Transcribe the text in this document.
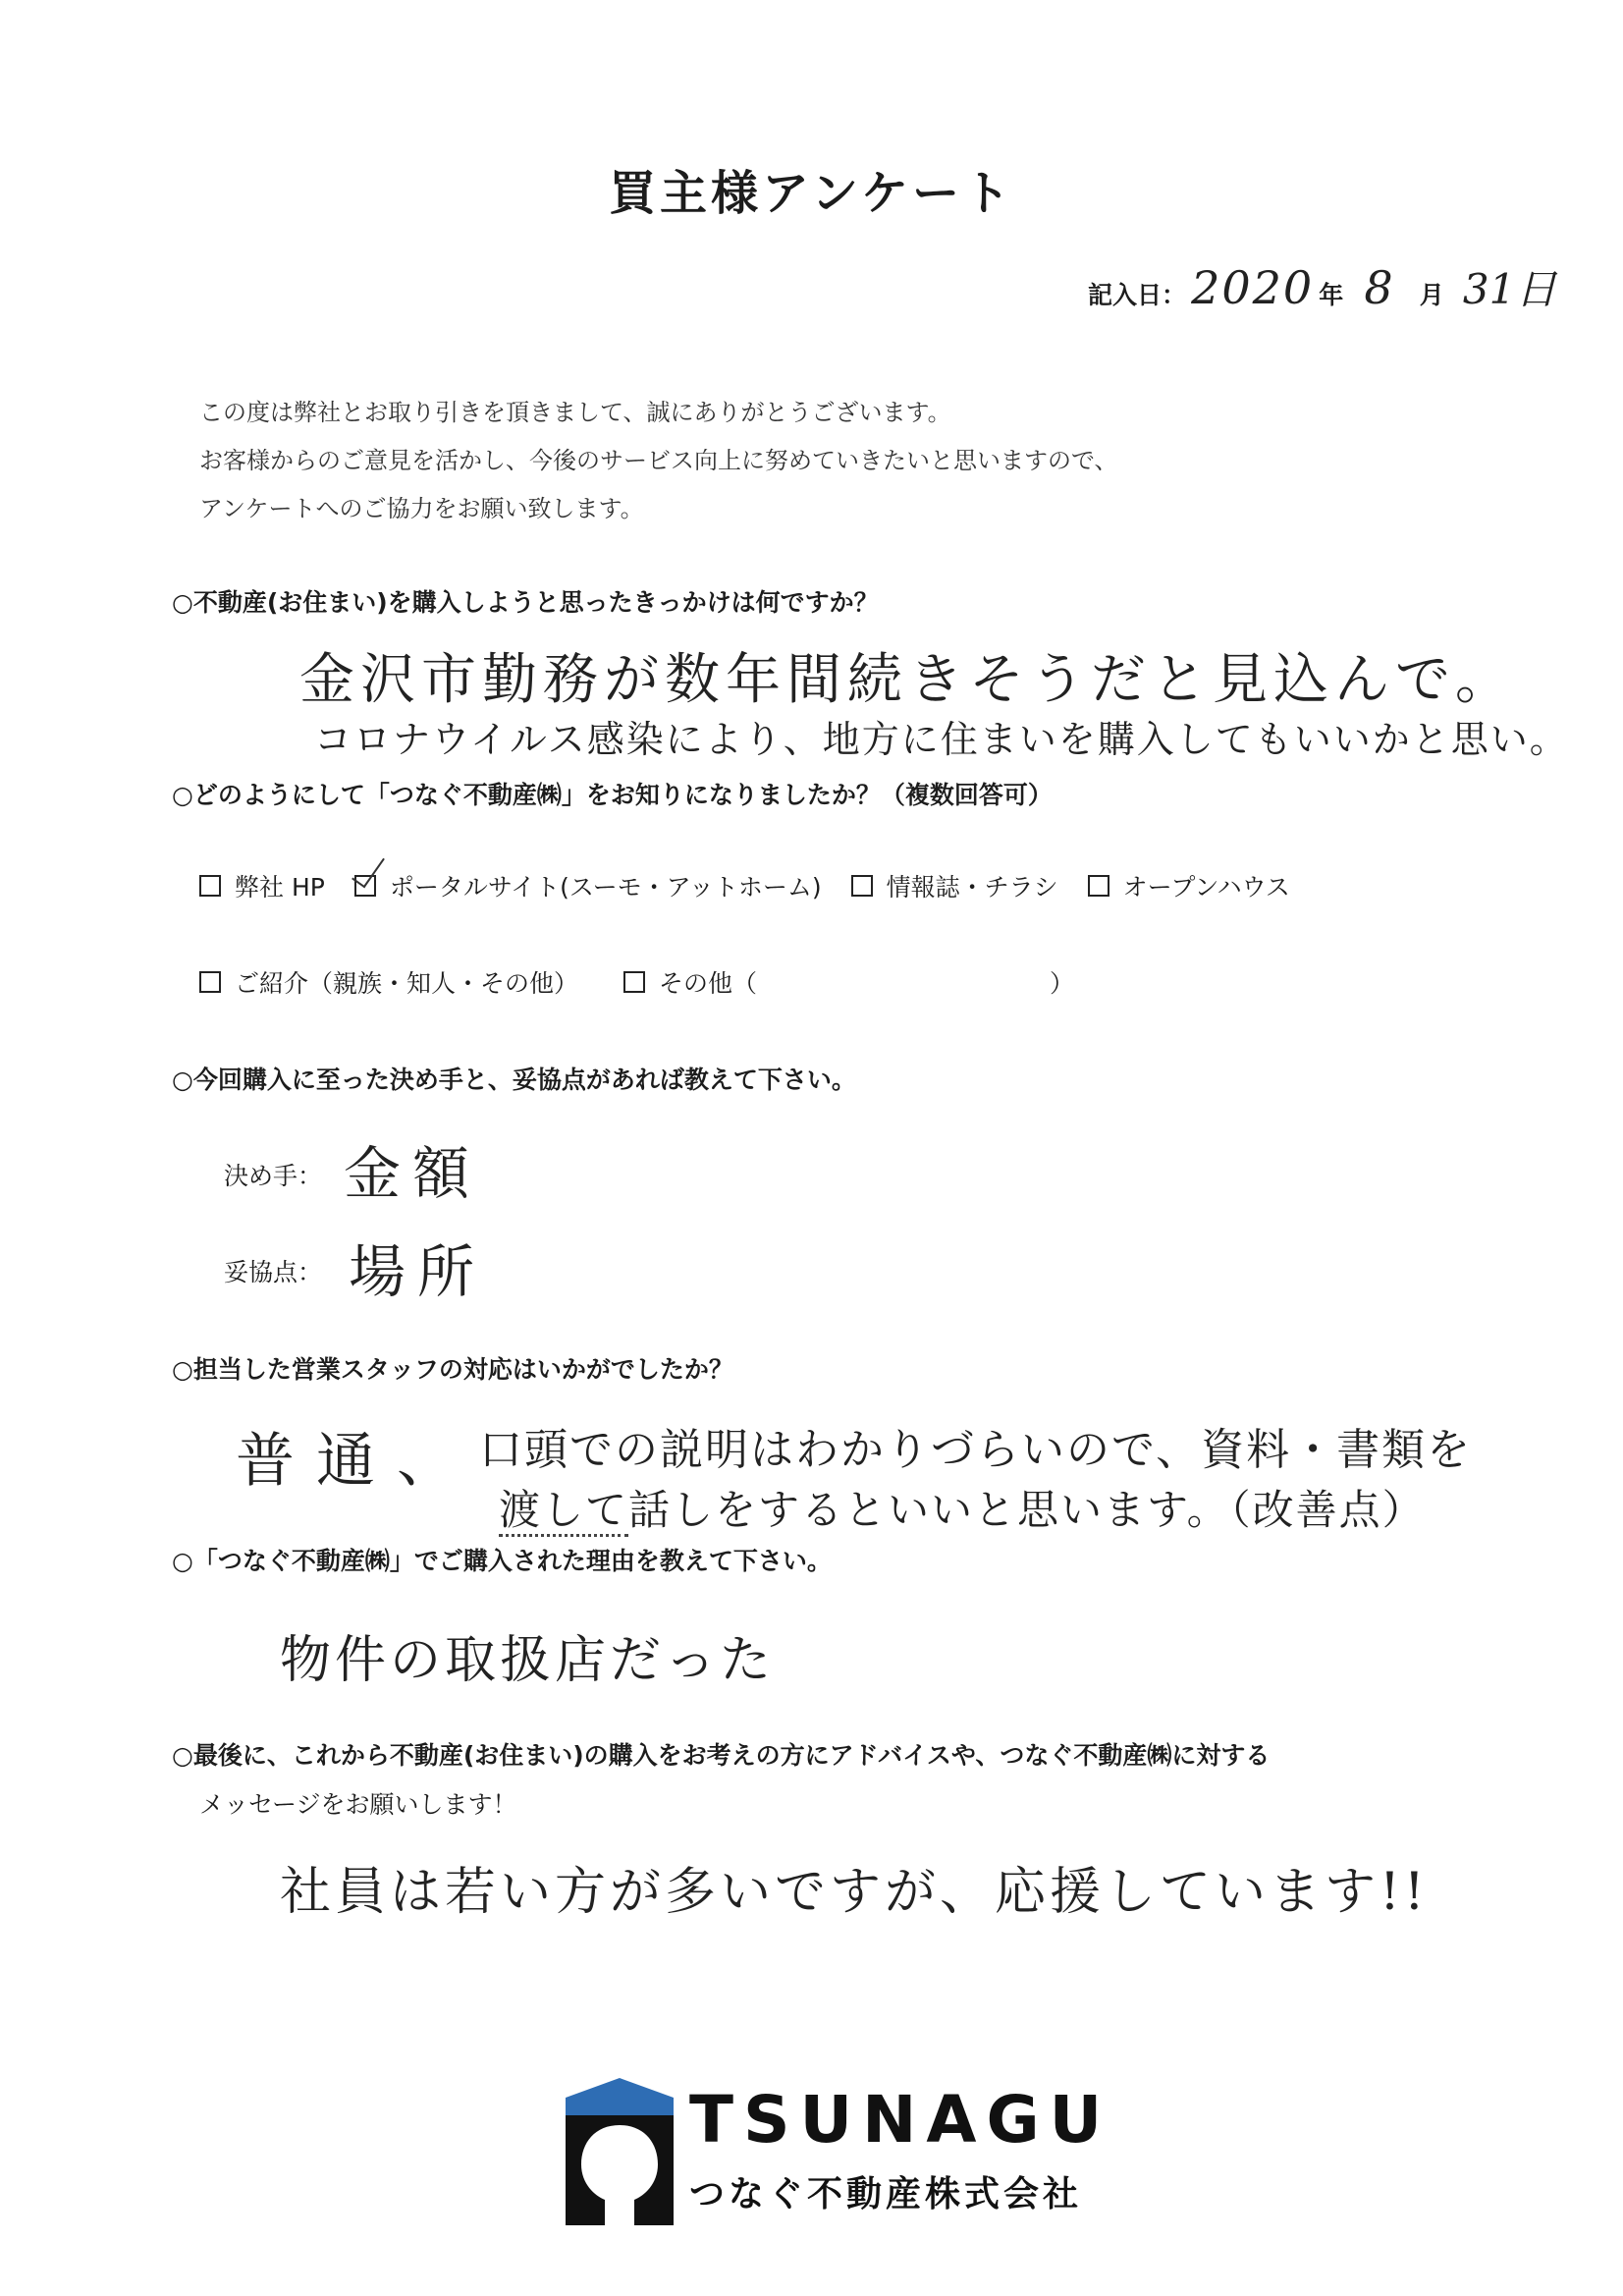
買主様アンケート
記入日： 2020 年 8 月 31日
この度は弊社とお取り引きを頂きまして、誠にありがとうございます。
お客様からのご意見を活かし、今後のサービス向上に努めていきたいと思いますので、
アンケートへのご協力をお願い致します。
○不動産(お住まい)を購入しようと思ったきっかけは何ですか？
金沢市勤務が数年間続きそうだと見込んで。
コロナウイルス感染により、地方に住まいを購入してもいいかと思い。
○どのようにして「つなぐ不動産㈱」をお知りになりましたか？（複数回答可）
弊社 HP	ポータルサイト(スーモ・アットホーム)	情報誌・チラシ	オープンハウス
ご紹介（親族・知人・その他）	その他（	）
○今回購入に至った決め手と、妥協点があれば教えて下さい。
決め手： 金額
妥協点： 場所
○担当した営業スタッフの対応はいかがでしたか？
普通、 口頭での説明はわかりづらいので、資料・書類を
渡して話しをするといいと思います。（改善点）
○「つなぐ不動産㈱」でご購入された理由を教えて下さい。
物件の取扱店だった
○最後に、これから不動産(お住まい)の購入をお考えの方にアドバイスや、つなぐ不動産㈱に対する
メッセージをお願いします！
社員は若い方が多いですが、応援しています!!
TSUNAGU
つなぐ不動産株式会社
